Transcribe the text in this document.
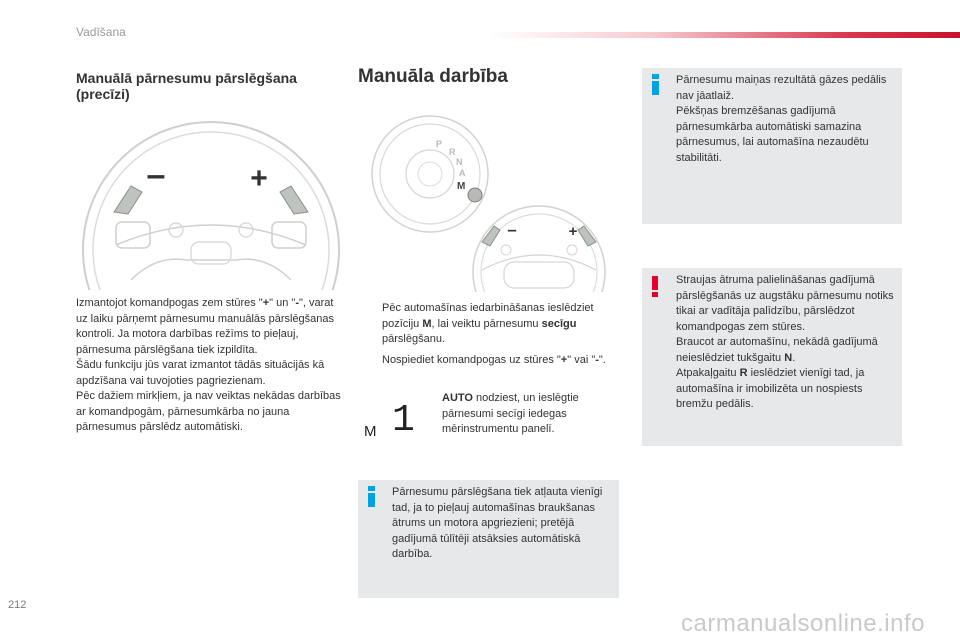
Vadīšana
Manuālā pārnesumu pārslēgšana (precīzi)
–	+
Izmantojot komandpogas zem stūres "+" un "-", varat uz laiku pārņemt pārnesumu manuālās pārslēgšanas kontroli. Ja motora darbības režīms to pieļauj, pārnesuma pārslēgšana tiek izpildīta.
Šādu funkciju jūs varat izmantot tādās situācijās kā apdzīšana vai tuvojoties pagriezienam.
Pēc dažiem mirkļiem, ja nav veiktas nekādas darbības ar komandpogām, pārnesumkārba no jauna pārnesumus pārslēdz automātiski.
Manuāla darbība
P
R
N
A
M
–	+
Pēc automašīnas iedarbināšanas ieslēdziet pozīciju M, lai veiktu pārnesumu secīgu pārslēgšanu.
Nospiediet komandpogas uz stūres "+" vai "-".
M 1
AUTO nodziest, un ieslēgtie pārnesumi secīgi iedegas mērinstrumentu panelī.
Pārnesumu pārslēgšana tiek atļauta vienīgi tad, ja to pieļauj automašīnas braukšanas ātrums un motora apgriezieni; pretējā gadījumā tūlītēji atsāksies automātiskā darbība.
Pārnesumu maiņas rezultātā gāzes pedālis nav jāatlaiž.
Pēkšņas bremzēšanas gadījumā pārnesumkārba automātiski samazina pārnesumus, lai automašīna nezaudētu stabilitāti.
Straujas ātruma palielināšanas gadījumā pārslēgšanās uz augstāku pārnesumu notiks tikai ar vadītāja palīdzību, pārslēdzot komandpogas zem stūres.
Braucot ar automašīnu, nekādā gadījumā neieslēdziet tukšgaitu N.
Atpakaļgaitu R ieslēdziet vienīgi tad, ja automašīna ir imobilizēta un nospiests bremžu pedālis.
212
carmanualsonline.info
